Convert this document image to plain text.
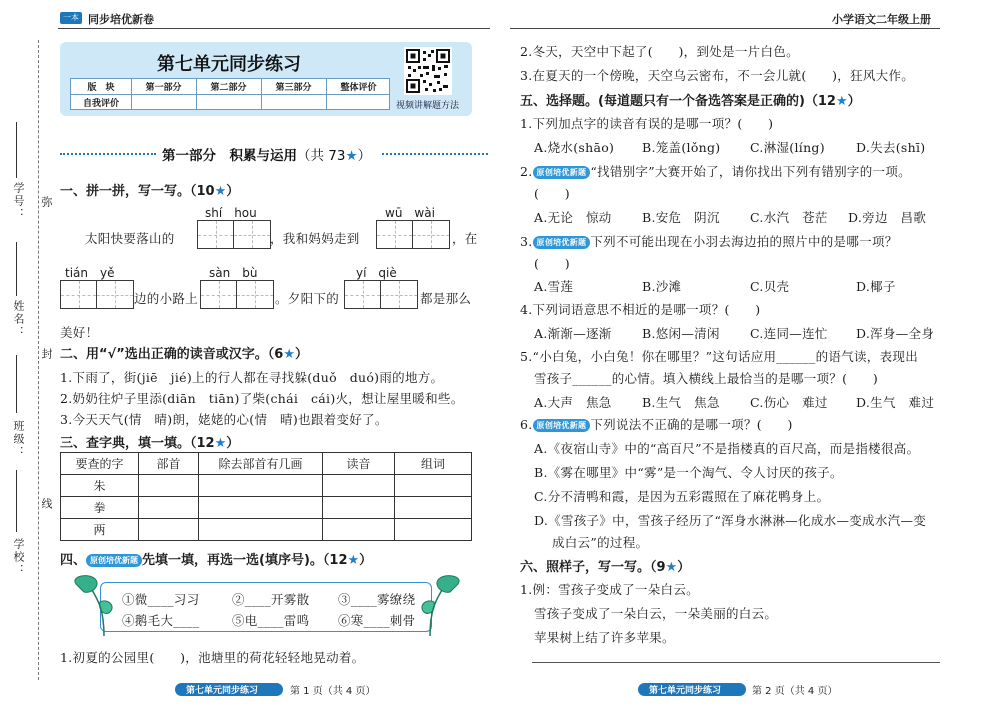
一本 同步培优新卷	小学语文二年级上册
弥
封
线
学校：
班级：
姓名：
学号：
第七单元同步练习
版　块	第一部分	第二部分	第三部分	整体评价
自我评价	视频讲解题方法
第一部分　积累与运用（共 73★）
一、拼一拼，写一写。（10★）
shí　hou	wū　wài
太阳快要落山的	，我和妈妈走到	，在
tián　yě	sàn　bù	yí　qiè
边的小路上	。夕阳下的	都是那么
美好！
二、用“√”选出正确的读音或汉字。（6★）
1.下雨了，街(jiē　jié)上的行人都在寻找躲(duǒ　duó)雨的地方。
2.奶奶往炉子里添(diān　tiān)了柴(chái　cái)火，想让屋里暖和些。
3.今天天气(情　晴)朗，姥姥的心(情　晴)也跟着变好了。
三、查字典，填一填。（12★）
要查的字	部首	除去部首有几画	读音	组词
朱				
拳				
两				
四、 原创培优新题 先填一填，再选一选(填序号)。（12★）
①微____习习	②____开雾散 ③____雾缭绕
④鹅毛大____	⑤电____雷鸣 ⑥寒____刺骨
1.初夏的公园里(　　)，池塘里的荷花轻轻地晃动着。
第七单元同步练习	第 1 页（共 4 页）
2.冬天，天空中下起了(　　)，到处是一片白色。
3.在夏天的一个傍晚，天空乌云密布，不一会儿就(　　)，狂风大作。
五、选择题。(每道题只有一个备选答案是正确的)（12★）
1.下列加点字的读音有误的是哪一项？(　　)
A.烧水(shāo) B.笼盖(lǒng) C.淋湿(líng) D.失去(shī)
2. 原创培优新题 “找错别字”大赛开始了，请你找出下列有错别字的一项。
(　　)
A.无论　惊动 B.安危　阴沉 C.水汽　苍茫 D.旁边　昌歌
3. 原创培优新题 下列不可能出现在小羽去海边拍的照片中的是哪一项？
(　　)
A.雪莲	B.沙滩	C.贝壳	D.椰子
4.下列词语意思不相近的是哪一项？(　　)
A.渐渐—逐渐 B.悠闲—清闲 C.连同—连忙 D.浑身—全身
5.“小白兔，小白兔！你在哪里？”这句话应用______的语气读，表现出
雪孩子______的心情。填入横线上最恰当的是哪一项？(　　)
A.大声　焦急 B.生气　焦急 C.伤心　难过 D.生气　难过
6. 原创培优新题 下列说法不正确的是哪一项？(　　)
A.《夜宿山寺》中的“高百尺”不是指楼真的百尺高，而是指楼很高。
B.《雾在哪里》中“雾”是一个淘气、令人讨厌的孩子。
C.分不清鸭和霞，是因为五彩霞照在了麻花鸭身上。
D.《雪孩子》中，雪孩子经历了“浑身水淋淋—化成水—变成水汽—变
成白云”的过程。
六、照样子，写一写。（9★）
1.例：雪孩子变成了一朵白云。
雪孩子变成了一朵白云，一朵美丽的白云。
苹果树上结了许多苹果。
第七单元同步练习	第 2 页（共 4 页）
